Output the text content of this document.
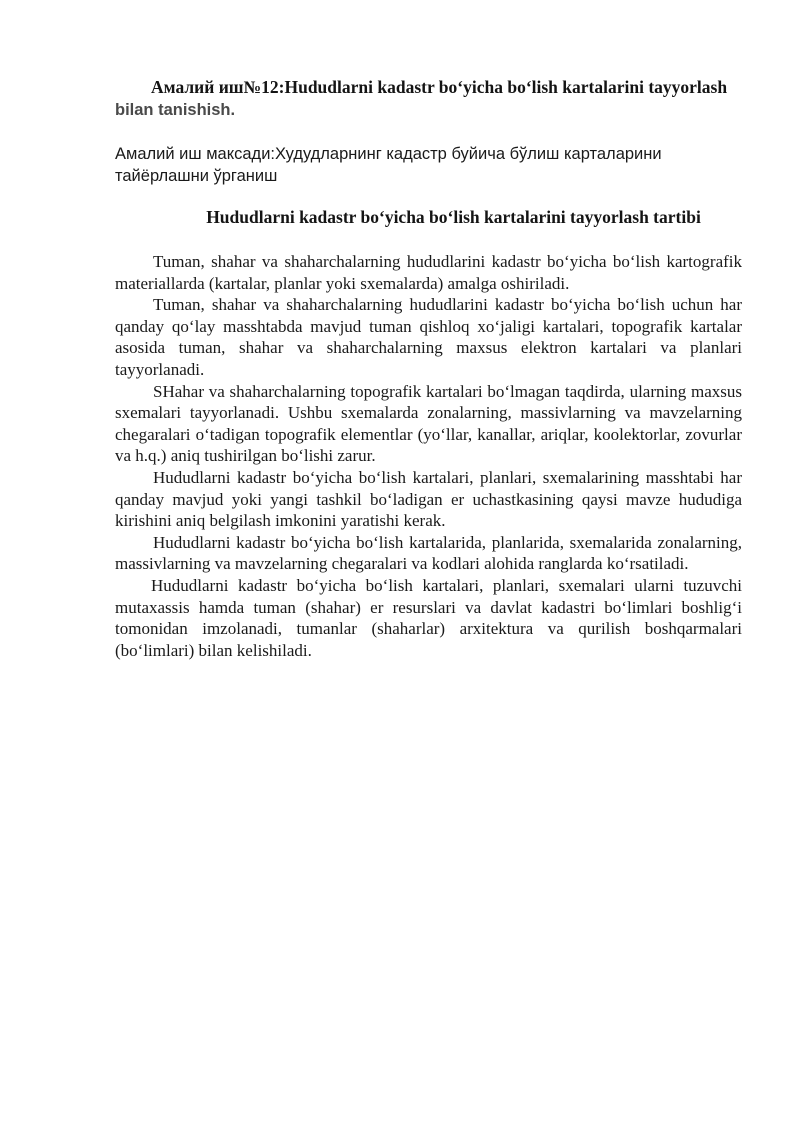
Амалий иш№12:Hududlarni kadastr bo‘yicha bo‘lish kartalarini tayyorlash bilan tanishish.

Амалий иш максади:Худудларнинг кадастр буйича бўлиш карталарини тайёрлашни ўрганиш

Hududlarni kadastr bo‘yicha bo‘lish kartalarini tayyorlash tartibi

Tuman, shahar va shaharchalarning hududlarini kadastr bo‘yicha bo‘lish kartografik materiallarda (kartalar, planlar yoki sxemalarda) amalga oshiriladi.

Tuman, shahar va shaharchalarning hududlarini kadastr bo‘yicha bo‘lish uchun har qanday qo‘lay masshtabda mavjud tuman qishloq xo‘jaligi kartalari, topografik kartalar asosida tuman, shahar va shaharchalarning maxsus elektron kartalari va planlari tayyorlanadi.

SHahar va shaharchalarning topografik kartalari bo‘lmagan taqdirda, ularning maxsus sxemalari tayyorlanadi. Ushbu sxemalarda zonalarning, massivlarning va mavzelarning chegaralari o‘tadigan topografik elementlar (yo‘llar, kanallar, ariqlar, koolektorlar, zovurlar va h.q.) aniq tushirilgan bo‘lishi zarur.

Hududlarni kadastr bo‘yicha bo‘lish kartalari, planlari, sxemalarining masshtabi har qanday mavjud yoki yangi tashkil bo‘ladigan er uchastkasining qaysi mavze hududiga kirishini aniq belgilash imkonini yaratishi kerak.

Hududlarni kadastr bo‘yicha bo‘lish kartalarida, planlarida, sxemalarida zonalarning, massivlarning va mavzelarning chegaralari va kodlari alohida ranglarda ko‘rsatiladi.

Hududlarni kadastr bo‘yicha bo‘lish kartalari, planlari, sxemalari ularni tuzuvchi mutaxassis hamda tuman (shahar) er resurslari va davlat kadastri bo‘limlari boshlig‘i tomonidan imzolanadi, tumanlar (shaharlar) arxitektura va qurilish boshqarmalari (bo‘limlari) bilan kelishiladi.
